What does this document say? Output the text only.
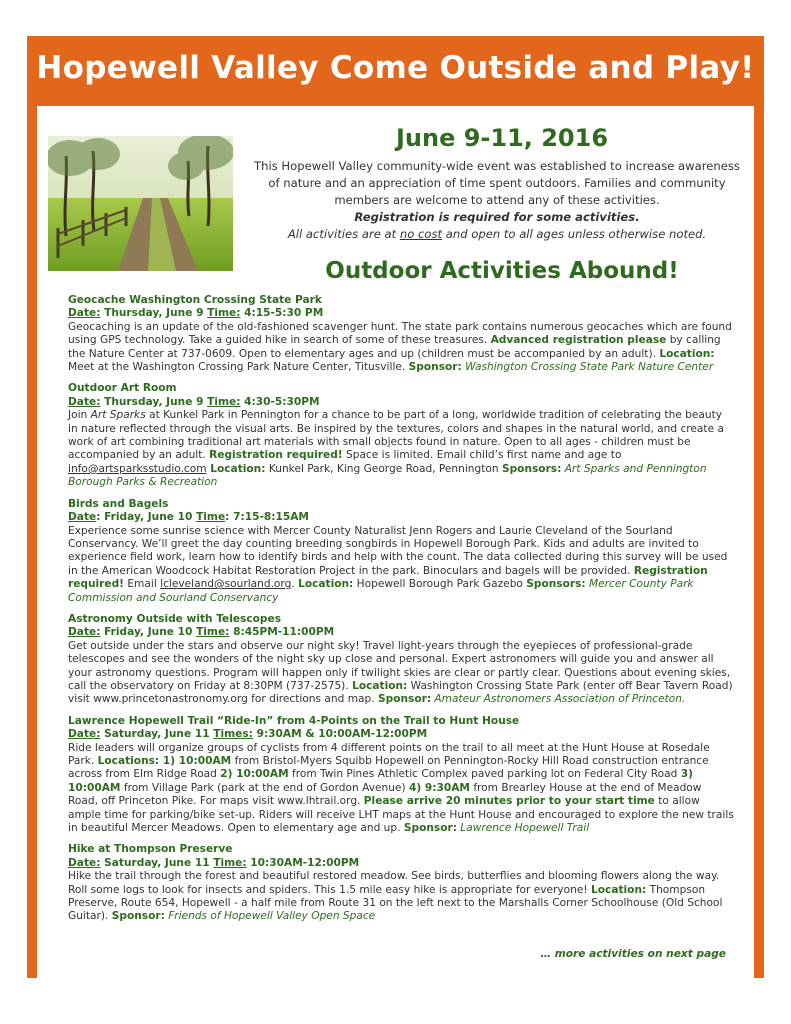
Hopewell Valley Come Outside and Play!
June 9-11, 2016
This Hopewell Valley community-wide event was established to increase awareness of nature and an appreciation of time spent outdoors. Families and community members are welcome to attend any of these activities.
Registration is required for some activities.
All activities are at no cost and open to all ages unless otherwise noted.
Outdoor Activities Abound!
Geocache Washington Crossing State Park
Date: Thursday, June 9 Time: 4:15-5:30 PM
Geocaching is an update of the old-fashioned scavenger hunt. The state park contains numerous geocaches which are found using GPS technology. Take a guided hike in search of some of these treasures. Advanced registration please by calling the Nature Center at 737-0609. Open to elementary ages and up (children must be accompanied by an adult). Location: Meet at the Washington Crossing Park Nature Center, Titusville. Sponsor: Washington Crossing State Park Nature Center
Outdoor Art Room
Date: Thursday, June 9 Time: 4:30-5:30PM
Join Art Sparks at Kunkel Park in Pennington for a chance to be part of a long, worldwide tradition of celebrating the beauty in nature reflected through the visual arts. Be inspired by the textures, colors and shapes in the natural world, and create a work of art combining traditional art materials with small objects found in nature. Open to all ages - children must be accompanied by an adult. Registration required! Space is limited. Email child’s first name and age to info@artsparksstudio.com Location: Kunkel Park, King George Road, Pennington Sponsors: Art Sparks and Pennington Borough Parks & Recreation
Birds and Bagels
Date: Friday, June 10 Time: 7:15-8:15AM
Experience some sunrise science with Mercer County Naturalist Jenn Rogers and Laurie Cleveland of the Sourland Conservancy. We’ll greet the day counting breeding songbirds in Hopewell Borough Park. Kids and adults are invited to experience field work, learn how to identify birds and help with the count. The data collected during this survey will be used in the American Woodcock Habitat Restoration Project in the park. Binoculars and bagels will be provided. Registration required! Email lcleveland@sourland.org. Location: Hopewell Borough Park Gazebo Sponsors: Mercer County Park Commission and Sourland Conservancy
Astronomy Outside with Telescopes
Date: Friday, June 10 Time: 8:45PM-11:00PM
Get outside under the stars and observe our night sky! Travel light-years through the eyepieces of professional-grade telescopes and see the wonders of the night sky up close and personal. Expert astronomers will guide you and answer all your astronomy questions. Program will happen only if twilight skies are clear or partly clear. Questions about evening skies, call the observatory on Friday at 8:30PM (737-2575). Location: Washington Crossing State Park (enter off Bear Tavern Road) visit www.princetonastronomy.org for directions and map. Sponsor: Amateur Astronomers Association of Princeton.
Lawrence Hopewell Trail “Ride-In” from 4-Points on the Trail to Hunt House
Date: Saturday, June 11 Times: 9:30AM & 10:00AM-12:00PM
Ride leaders will organize groups of cyclists from 4 different points on the trail to all meet at the Hunt House at Rosedale Park. Locations: 1) 10:00AM from Bristol-Myers Squibb Hopewell on Pennington-Rocky Hill Road construction entrance across from Elm Ridge Road 2) 10:00AM from Twin Pines Athletic Complex paved parking lot on Federal City Road 3) 10:00AM from Village Park (park at the end of Gordon Avenue) 4) 9:30AM from Brearley House at the end of Meadow Road, off Princeton Pike. For maps visit www.lhtrail.org. Please arrive 20 minutes prior to your start time to allow ample time for parking/bike set-up. Riders will receive LHT maps at the Hunt House and encouraged to explore the new trails in beautiful Mercer Meadows. Open to elementary age and up. Sponsor: Lawrence Hopewell Trail
Hike at Thompson Preserve
Date: Saturday, June 11 Time: 10:30AM-12:00PM
Hike the trail through the forest and beautiful restored meadow. See birds, butterflies and blooming flowers along the way. Roll some logs to look for insects and spiders. This 1.5 mile easy hike is appropriate for everyone! Location: Thompson Preserve, Route 654, Hopewell - a half mile from Route 31 on the left next to the Marshalls Corner Schoolhouse (Old School Guitar). Sponsor: Friends of Hopewell Valley Open Space
… more activities on next page
